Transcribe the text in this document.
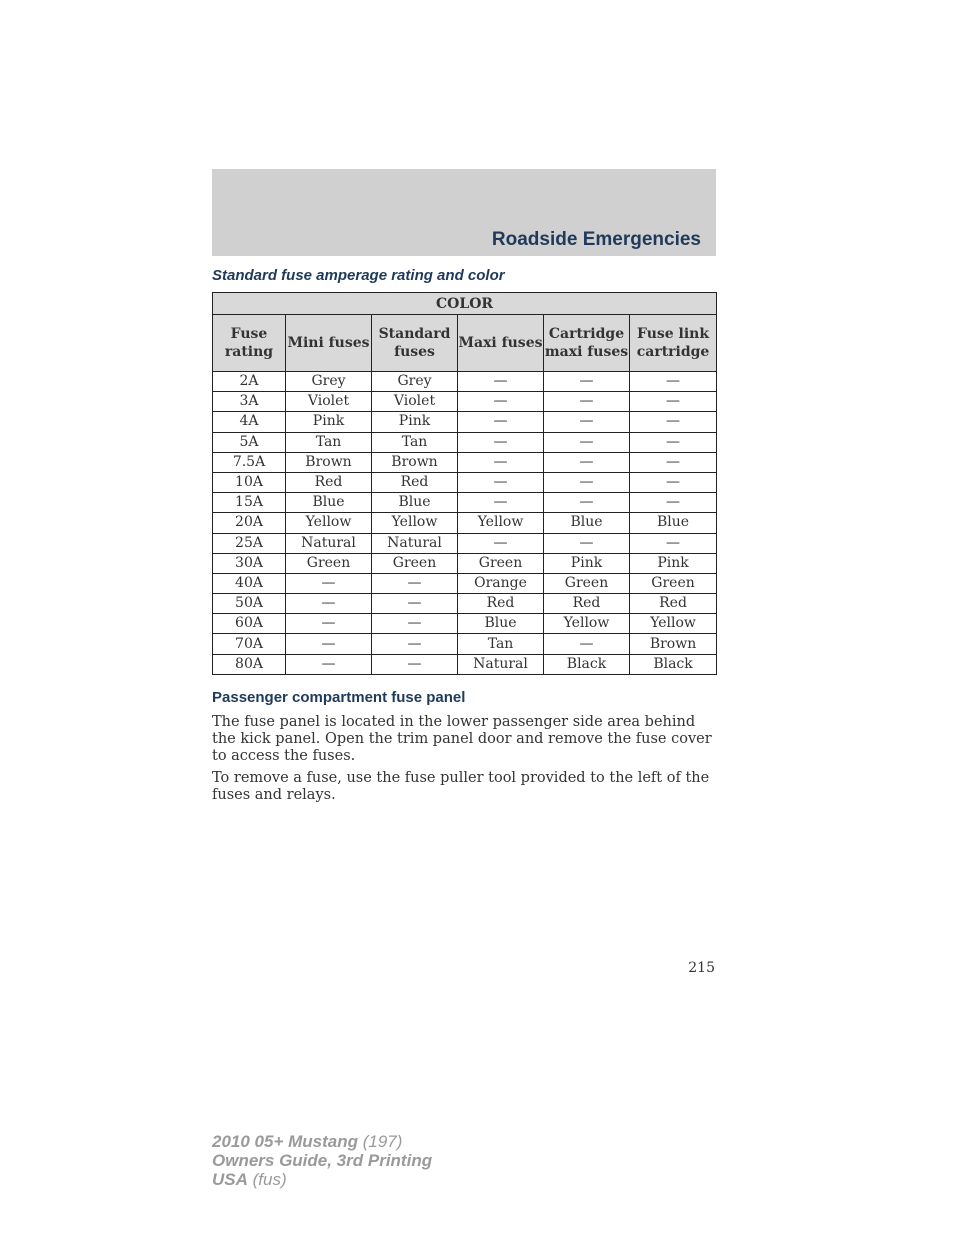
Roadside Emergencies
Standard fuse amperage rating and color
COLOR					
Fuse rating	Mini fuses	Standard fuses	Maxi fuses	Cartridge maxi fuses	Fuse link cartridge
2A	Grey	Grey	—	—	—
3A	Violet	Violet	—	—	—
4A	Pink	Pink	—	—	—
5A	Tan	Tan	—	—	—
7.5A	Brown	Brown	—	—	—
10A	Red	Red	—	—	—
15A	Blue	Blue	—	—	—
20A	Yellow	Yellow	Yellow	Blue	Blue
25A	Natural	Natural	—	—	—
30A	Green	Green	Green	Pink	Pink
40A	—	—	Orange	Green	Green
50A	—	—	Red	Red	Red
60A	—	—	Blue	Yellow	Yellow
70A	—	—	Tan	—	Brown
80A	—	—	Natural	Black	Black
Passenger compartment fuse panel

The fuse panel is located in the lower passenger side area behind the kick panel. Open the trim panel door and remove the fuse cover to access the fuses.

To remove a fuse, use the fuse puller tool provided to the left of the fuses and relays.

215
2010 05+ Mustang (197)
Owners Guide, 3rd Printing
USA (fus)
